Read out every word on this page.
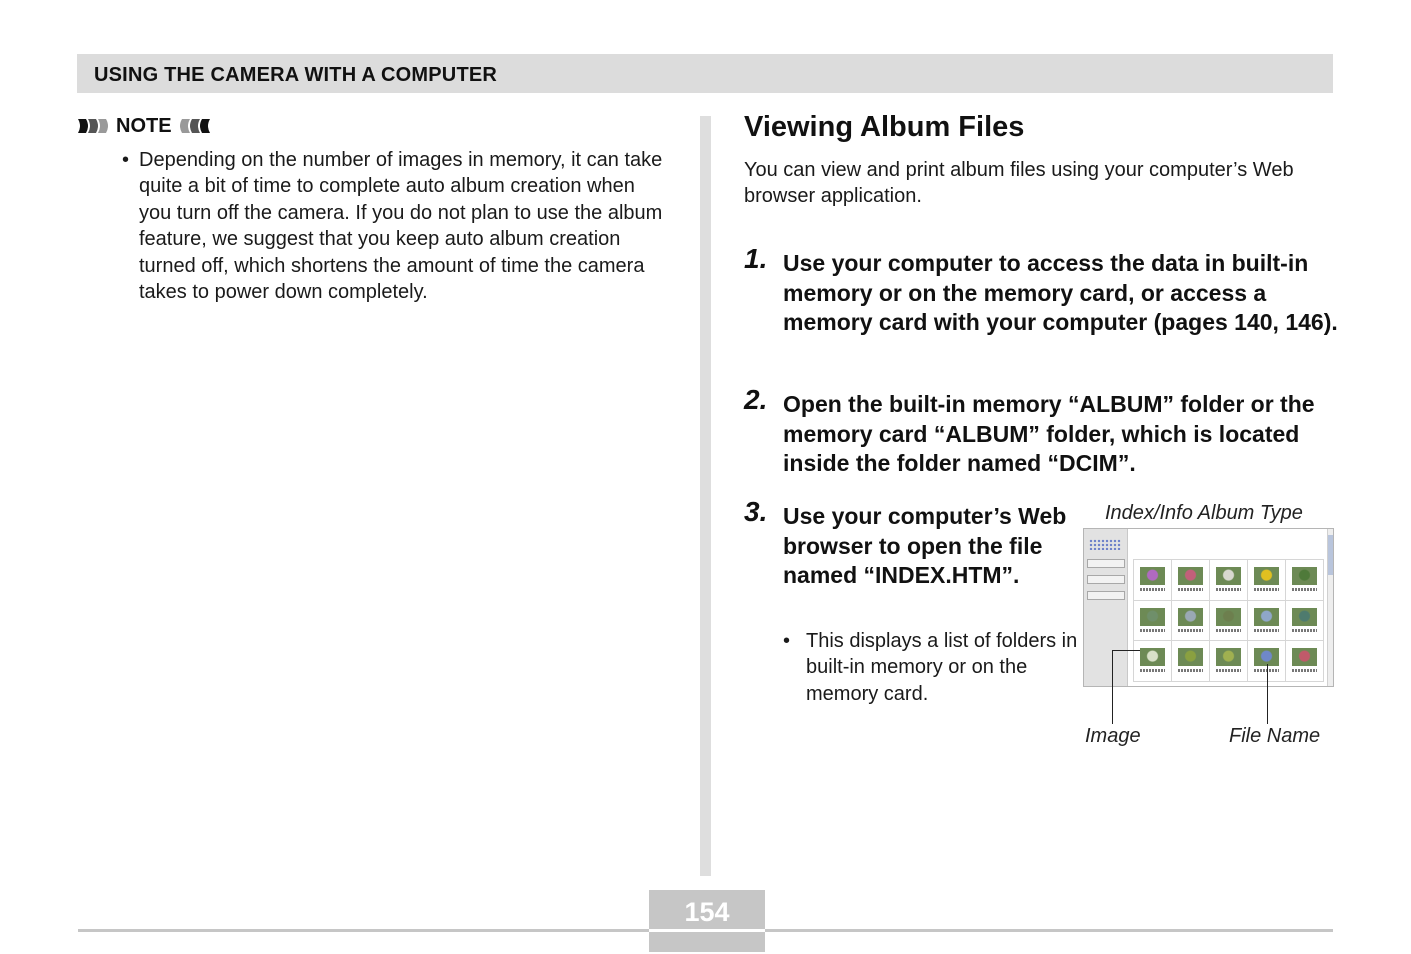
USING THE CAMERA WITH A COMPUTER
NOTE
• Depending on the number of images in memory, it can take quite a bit of time to complete auto album creation when you turn off the camera. If you do not plan to use the album feature, we suggest that you keep auto album creation turned off, which shortens the amount of time the camera takes to power down completely.
Viewing Album Files
You can view and print album files using your computer’s Web browser application.
1. Use your computer to access the data in built-in memory or on the memory card, or access a memory card with your computer (pages 140, 146).
2. Open the built-in memory “ALBUM” folder or the memory card “ALBUM” folder, which is located inside the folder named “DCIM”.
3. Use your computer’s Web browser to open the file named “INDEX.HTM”.
• This displays a list of folders in built-in memory or on the memory card.
Index/Info Album Type
Image	File Name
154
